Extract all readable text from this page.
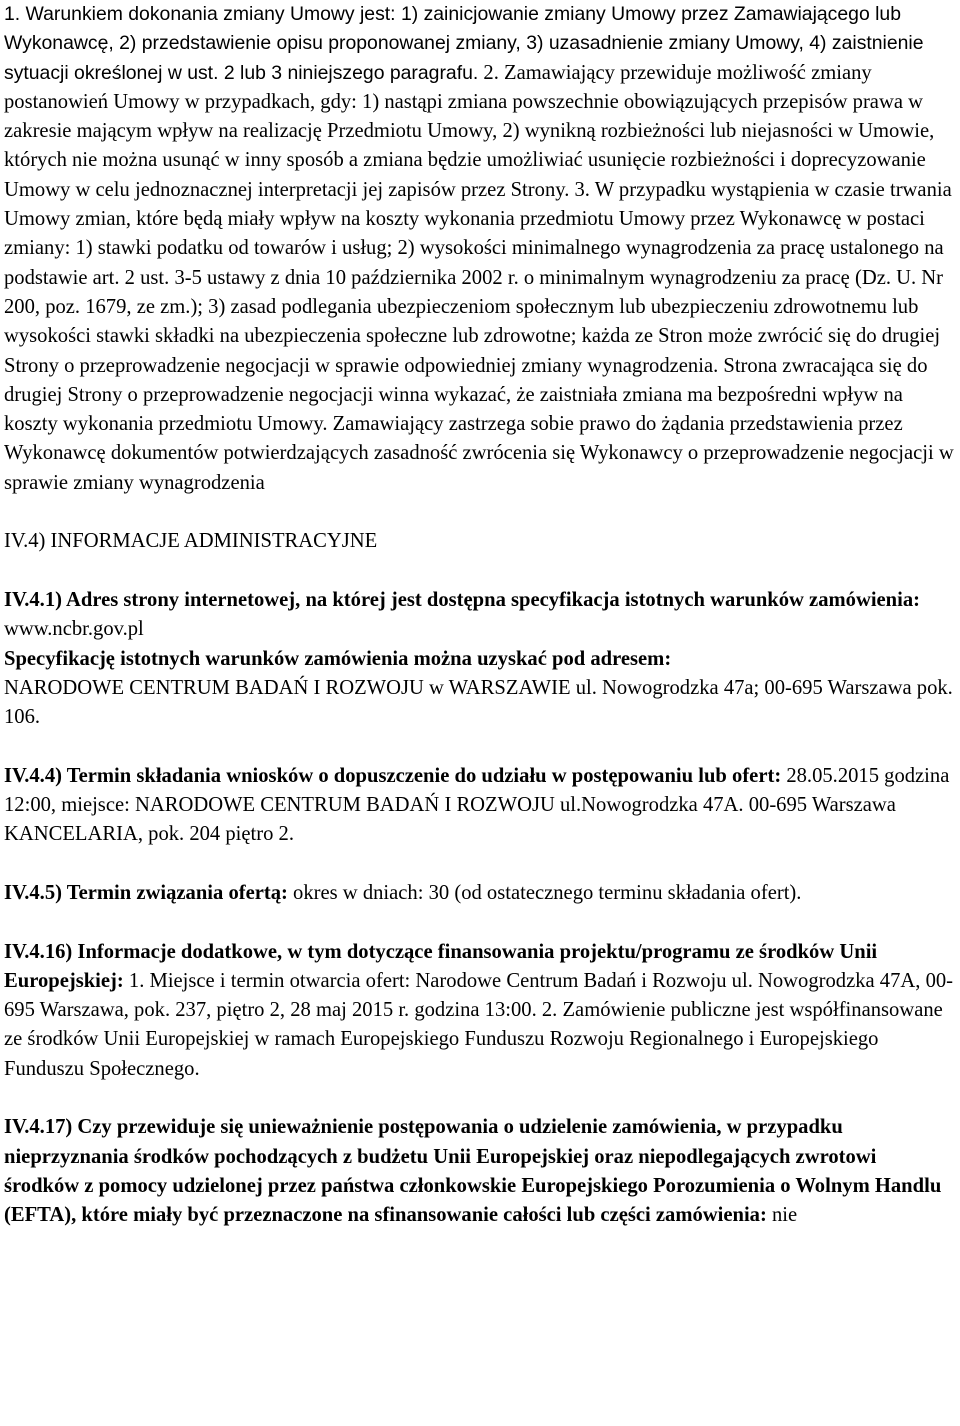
1. Warunkiem dokonania zmiany Umowy jest: 1) zainicjowanie zmiany Umowy przez Zamawiającego lub Wykonawcę, 2) przedstawienie opisu proponowanej zmiany, 3) uzasadnienie zmiany Umowy, 4) zaistnienie sytuacji określonej w ust. 2 lub 3 niniejszego paragrafu. 2. Zamawiający przewiduje możliwość zmiany postanowień Umowy w przypadkach, gdy: 1) nastąpi zmiana powszechnie obowiązujących przepisów prawa w zakresie mającym wpływ na realizację Przedmiotu Umowy, 2) wynikną rozbieżności lub niejasności w Umowie, których nie można usunąć w inny sposób a zmiana będzie umożliwiać usunięcie rozbieżności i doprecyzowanie Umowy w celu jednoznacznej interpretacji jej zapisów przez Strony. 3. W przypadku wystąpienia w czasie trwania Umowy zmian, które będą miały wpływ na koszty wykonania przedmiotu Umowy przez Wykonawcę w postaci zmiany: 1) stawki podatku od towarów i usług; 2) wysokości minimalnego wynagrodzenia za pracę ustalonego na podstawie art. 2 ust. 3-5 ustawy z dnia 10 października 2002 r. o minimalnym wynagrodzeniu za pracę (Dz. U. Nr 200, poz. 1679, ze zm.); 3) zasad podlegania ubezpieczeniom społecznym lub ubezpieczeniu zdrowotnemu lub wysokości stawki składki na ubezpieczenia społeczne lub zdrowotne; każda ze Stron może zwrócić się do drugiej Strony o przeprowadzenie negocjacji w sprawie odpowiedniej zmiany wynagrodzenia. Strona zwracająca się do drugiej Strony o przeprowadzenie negocjacji winna wykazać, że zaistniała zmiana ma bezpośredni wpływ na koszty wykonania przedmiotu Umowy. Zamawiający zastrzega sobie prawo do żądania przedstawienia przez Wykonawcę dokumentów potwierdzających zasadność zwrócenia się Wykonawcy o przeprowadzenie negocjacji w sprawie zmiany wynagrodzenia

IV.4) INFORMACJE ADMINISTRACYJNE

IV.4.1) Adres strony internetowej, na której jest dostępna specyfikacja istotnych warunków zamówienia: www.ncbr.gov.pl

Specyfikację istotnych warunków zamówienia można uzyskać pod adresem:
NARODOWE CENTRUM BADAŃ I ROZWOJU w WARSZAWIE ul. Nowogrodzka 47a; 00-695 Warszawa pok. 106.

IV.4.4) Termin składania wniosków o dopuszczenie do udziału w postępowaniu lub ofert: 28.05.2015 godzina 12:00, miejsce: NARODOWE CENTRUM BADAŃ I ROZWOJU ul.Nowogrodzka 47A. 00-695 Warszawa KANCELARIA, pok. 204 piętro 2.

IV.4.5) Termin związania ofertą: okres w dniach: 30 (od ostatecznego terminu składania ofert).

IV.4.16) Informacje dodatkowe, w tym dotyczące finansowania projektu/programu ze środków Unii Europejskiej: 1. Miejsce i termin otwarcia ofert: Narodowe Centrum Badań i Rozwoju ul. Nowogrodzka 47A, 00-695 Warszawa, pok. 237, piętro 2, 28 maj 2015 r. godzina 13:00. 2. Zamówienie publiczne jest współfinansowane ze środków Unii Europejskiej w ramach Europejskiego Funduszu Rozwoju Regionalnego i Europejskiego Funduszu Społecznego.

IV.4.17) Czy przewiduje się unieważnienie postępowania o udzielenie zamówienia, w przypadku nieprzyznania środków pochodzących z budżetu Unii Europejskiej oraz niepodlegających zwrotowi środków z pomocy udzielonej przez państwa członkowskie Europejskiego Porozumienia o Wolnym Handlu (EFTA), które miały być przeznaczone na sfinansowanie całości lub części zamówienia: nie
